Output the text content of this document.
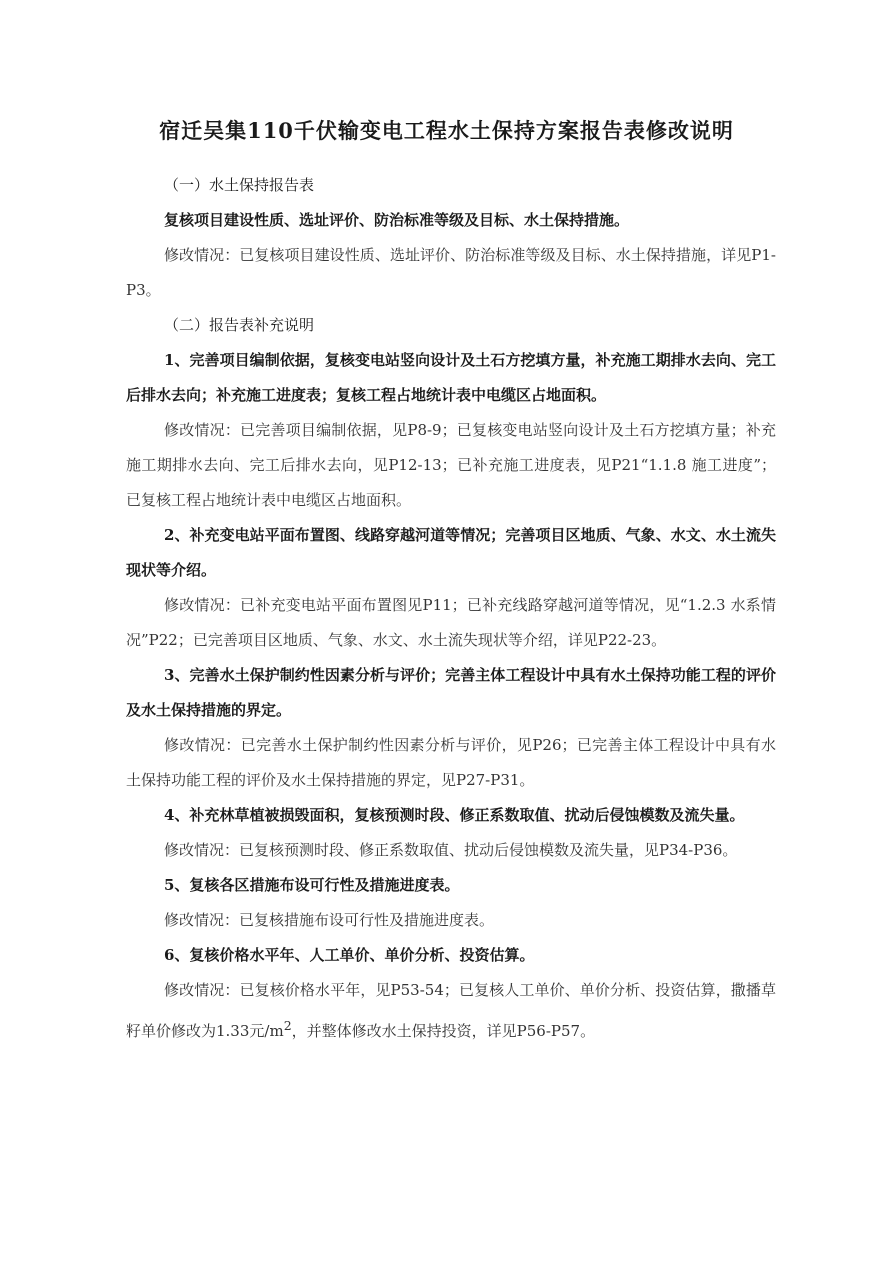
宿迁吴集110千伏输变电工程水土保持方案报告表修改说明

（一）水土保持报告表

复核项目建设性质、选址评价、防治标准等级及目标、水土保持措施。

修改情况：已复核项目建设性质、选址评价、防治标准等级及目标、水土保持措施，详见P1-P3。

（二）报告表补充说明

1、完善项目编制依据，复核变电站竖向设计及土石方挖填方量，补充施工期排水去向、完工后排水去向；补充施工进度表；复核工程占地统计表中电缆区占地面积。

修改情况：已完善项目编制依据，见P8-9；已复核变电站竖向设计及土石方挖填方量；补充施工期排水去向、完工后排水去向，见P12-13；已补充施工进度表，见P21“1.1.8 施工进度”；已复核工程占地统计表中电缆区占地面积。

2、补充变电站平面布置图、线路穿越河道等情况；完善项目区地质、气象、水文、水土流失现状等介绍。

修改情况：已补充变电站平面布置图见P11；已补充线路穿越河道等情况，见“1.2.3 水系情况”P22；已完善项目区地质、气象、水文、水土流失现状等介绍，详见P22-23。

3、完善水土保护制约性因素分析与评价；完善主体工程设计中具有水土保持功能工程的评价及水土保持措施的界定。

修改情况：已完善水土保护制约性因素分析与评价，见P26；已完善主体工程设计中具有水土保持功能工程的评价及水土保持措施的界定，见P27-P31。

4、补充林草植被损毁面积，复核预测时段、修正系数取值、扰动后侵蚀模数及流失量。

修改情况：已复核预测时段、修正系数取值、扰动后侵蚀模数及流失量，见P34-P36。

5、复核各区措施布设可行性及措施进度表。

修改情况：已复核措施布设可行性及措施进度表。

6、复核价格水平年、人工单价、单价分析、投资估算。

修改情况：已复核价格水平年，见P53-54；已复核人工单价、单价分析、投资估算，撒播草籽单价修改为1.33元$/m^2$，并整体修改水土保持投资，详见P56-P57。
